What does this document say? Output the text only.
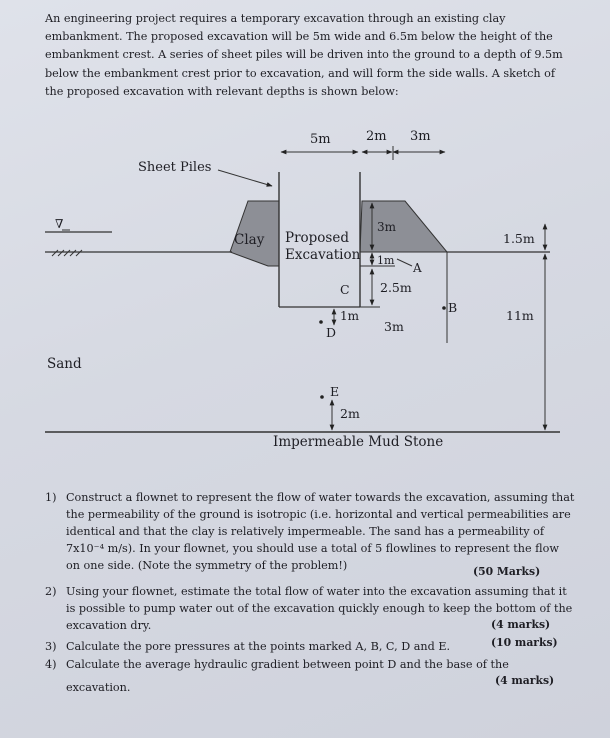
An engineering project requires a temporary excavation through an existing clay
embankment. The proposed excavation will be 5m wide and 6.5m below the height of the
embankment crest. A series of sheet piles will be driven into the ground to a depth of 9.5m
below the embankment crest prior to excavation, and will form the side walls. A sketch of
the proposed excavation with relevant depths is shown below:
∇
5m	2m 3m
Sheet Piles
Clay Proposed
Excavation
3m
1m
A
2.5m
C
3m
1m
D
B
1.5m
11m
E
2m
Sand
Impermeable Mud Stone
1) Construct a flownet to represent the flow of water towards the excavation, assuming that
the permeability of the ground is isotropic (i.e. horizontal and vertical permeabilities are
identical and that the clay is relatively impermeable. The sand has a permeability of
7x10⁻⁴ m/s). In your flownet, you should use a total of 5 flowlines to represent the flow
on one side. (Note the symmetry of the problem!)	(50 Marks)
2) Using your flownet, estimate the total flow of water into the excavation assuming that it
is possible to pump water out of the excavation quickly enough to keep the bottom of the
excavation dry.	(4 marks)
3) Calculate the pore pressures at the points marked A, B, C, D and E.	(10 marks)
4) Calculate the average hydraulic gradient between point D and the base of the
excavation.
(4 marks)
